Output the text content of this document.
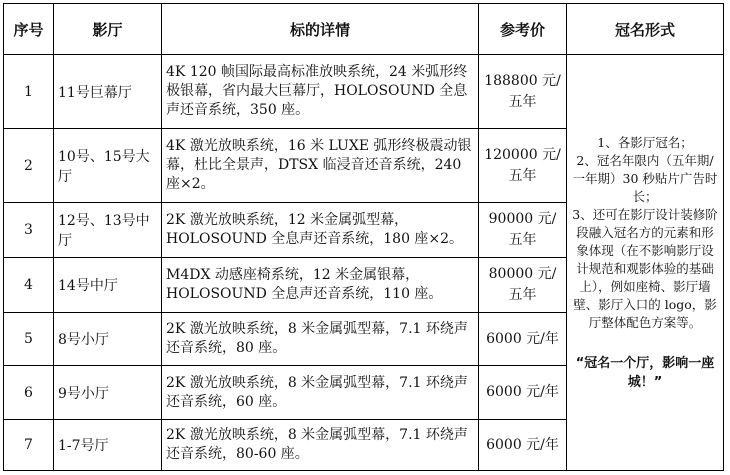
序号	影厅	标的详情	参考价	冠名形式
1	11号巨幕厅	4K 120 帧国际最高标准放映系统，24 米弧形终极银幕，省内最大巨幕厅，HOLOSOUND 全息声还音系统，350 座。	188800 元/五年	1、各影厅冠名；

2、冠名年限内（五年期/一年期）30 秒贴片广告时长；

3、还可在影厅设计装修阶段融入冠名方的元素和形象体现（在不影响影厅设计规范和观影体验的基础上），例如座椅、影厅墙壁、影厅入口的 logo，影厅整体配色方案等。

“冠名一个厅，影响一座城！”

2	10号、15号大厅	4K 激光放映系统，16 米 LUXE 弧形终极震动银幕，杜比全景声，DTSX 临浸音还音系统，240 座×2。	120000 元/五年	
3	12号、13号中厅	2K 激光放映系统，12 米金属弧型幕，HOLOSOUND 全息声还音系统，180 座×2。	90000 元/五年	
4	14号中厅	M4DX 动感座椅系统，12 米金属银幕，HOLOSOUND 全息声还音系统，110 座。	80000 元/五年	
5	8号小厅	2K 激光放映系统，8 米金属弧型幕，7.1 环绕声还音系统，80 座。	6000 元/年	
6	9号小厅	2K 激光放映系统，8 米金属弧型幕，7.1 环绕声还音系统，60 座。	6000 元/年	
7	1-7号厅	2K 激光放映系统，8 米金属弧型幕，7.1 环绕声还音系统，80-60 座。	6000 元/年	
